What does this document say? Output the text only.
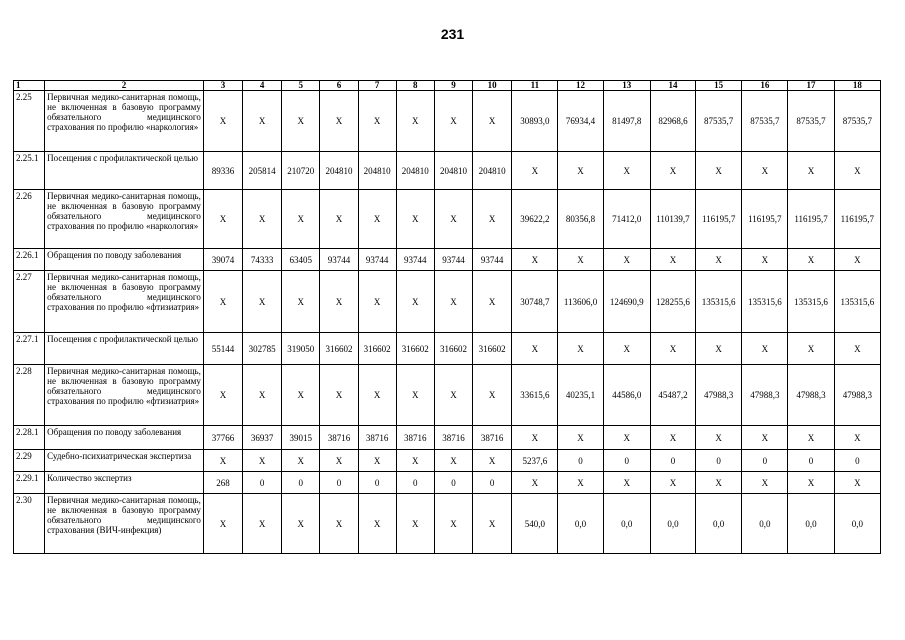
231
1	2	3	4	5	6	7	8	9	10	11	12	13	14	15	16	17	18
2.25	Первичная медико-санитарная помощь, не включенная в базовую программу обязательного медицинского страхования по профилю «наркология»	X	X	X	X	X	X	X	X	30893,0	76934,4	81497,8	82968,6	87535,7	87535,7	87535,7	87535,7
2.25.1	Посещения с профилактической целью	89336	205814	210720	204810	204810	204810	204810	204810	X	X	X	X	X	X	X	X
2.26	Первичная медико-санитарная помощь, не включенная в базовую программу обязательного медицинского страхования по профилю «наркология»	X	X	X	X	X	X	X	X	39622,2	80356,8	71412,0	110139,7	116195,7	116195,7	116195,7	116195,7
2.26.1	Обращения по поводу заболевания	39074	74333	63405	93744	93744	93744	93744	93744	X	X	X	X	X	X	X	X
2.27	Первичная медико-санитарная помощь, не включенная в базовую программу обязательного медицинского страхования по профилю «фтизиатрия»	X	X	X	X	X	X	X	X	30748,7	113606,0	124690,9	128255,6	135315,6	135315,6	135315,6	135315,6
2.27.1	Посещения с профилактической целью	55144	302785	319050	316602	316602	316602	316602	316602	X	X	X	X	X	X	X	X
2.28	Первичная медико-санитарная помощь, не включенная в базовую программу обязательного медицинского страхования по профилю «фтизиатрия»	X	X	X	X	X	X	X	X	33615,6	40235,1	44586,0	45487,2	47988,3	47988,3	47988,3	47988,3
2.28.1	Обращения по поводу заболевания	37766	36937	39015	38716	38716	38716	38716	38716	X	X	X	X	X	X	X	X
2.29	Судебно-психиатрическая экспертиза	X	X	X	X	X	X	X	X	5237,6	0	0	0	0	0	0	0
2.29.1	Количество экспертиз	268	0	0	0	0	0	0	0	X	X	X	X	X	X	X	X
2.30	Первичная медико-санитарная помощь, не включенная в базовую программу обязательного медицинского страхования (ВИЧ-инфекция)	X	X	X	X	X	X	X	X	540,0	0,0	0,0	0,0	0,0	0,0	0,0	0,0
